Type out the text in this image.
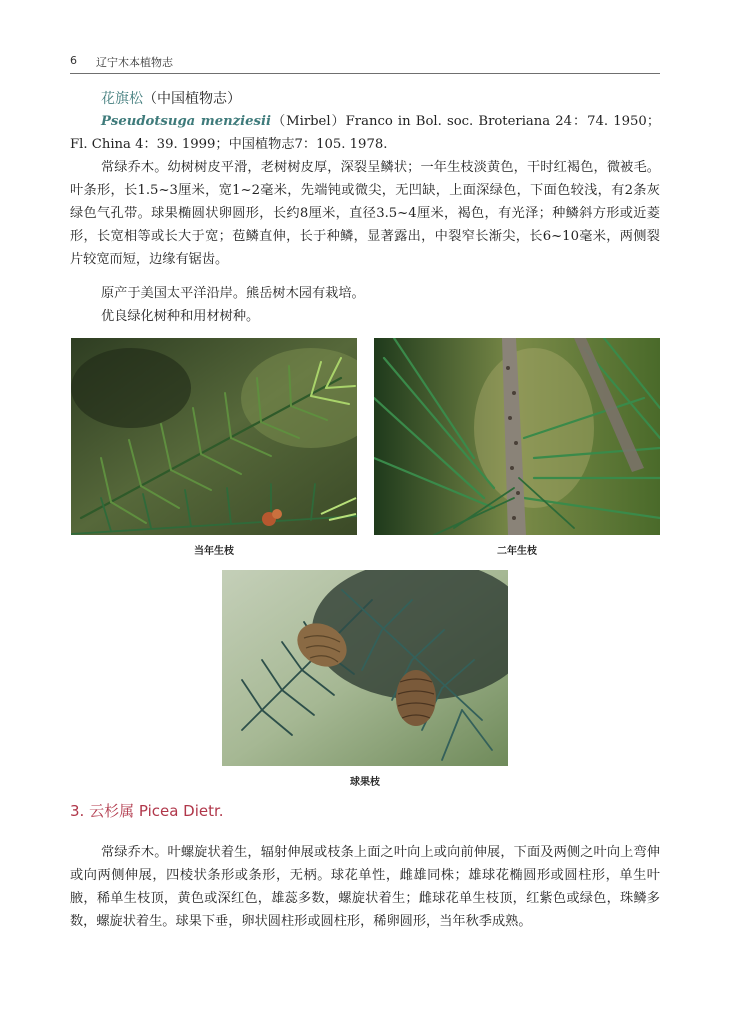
6 辽宁木本植物志
花旗松（中国植物志）
Pseudotsuga menziesii（Mirbel）Franco in Bol. soc. Broteriana 24：74. 1950；Fl. China 4：39. 1999；中国植物志7：105. 1978.
常绿乔木。幼树树皮平滑，老树树皮厚，深裂呈鳞状；一年生枝淡黄色，干时红褐色，微被毛。叶条形，长1.5~3厘米，宽1~2毫米，先端钝或微尖，无凹缺，上面深绿色，下面色较浅，有2条灰绿色气孔带。球果椭圆状卵圆形，长约8厘米，直径3.5~4厘米，褐色，有光泽；种鳞斜方形或近菱形，长宽相等或长大于宽；苞鳞直伸，长于种鳞，显著露出，中裂窄长渐尖，长6~10毫米，两侧裂片较宽而短，边缘有锯齿。
原产于美国太平洋沿岸。熊岳树木园有栽培。
优良绿化树种和用材树种。
当年生枝	二年生枝
球果枝
3. 云杉属 Picea Dietr.
常绿乔木。叶螺旋状着生，辐射伸展或枝条上面之叶向上或向前伸展，下面及两侧之叶向上弯伸或向两侧伸展，四棱状条形或条形，无柄。球花单性，雌雄同株；雄球花椭圆形或圆柱形，单生叶腋，稀单生枝顶，黄色或深红色，雄蕊多数，螺旋状着生；雌球花单生枝顶，红紫色或绿色，珠鳞多数，螺旋状着生。球果下垂，卵状圆柱形或圆柱形，稀卵圆形，当年秋季成熟。
